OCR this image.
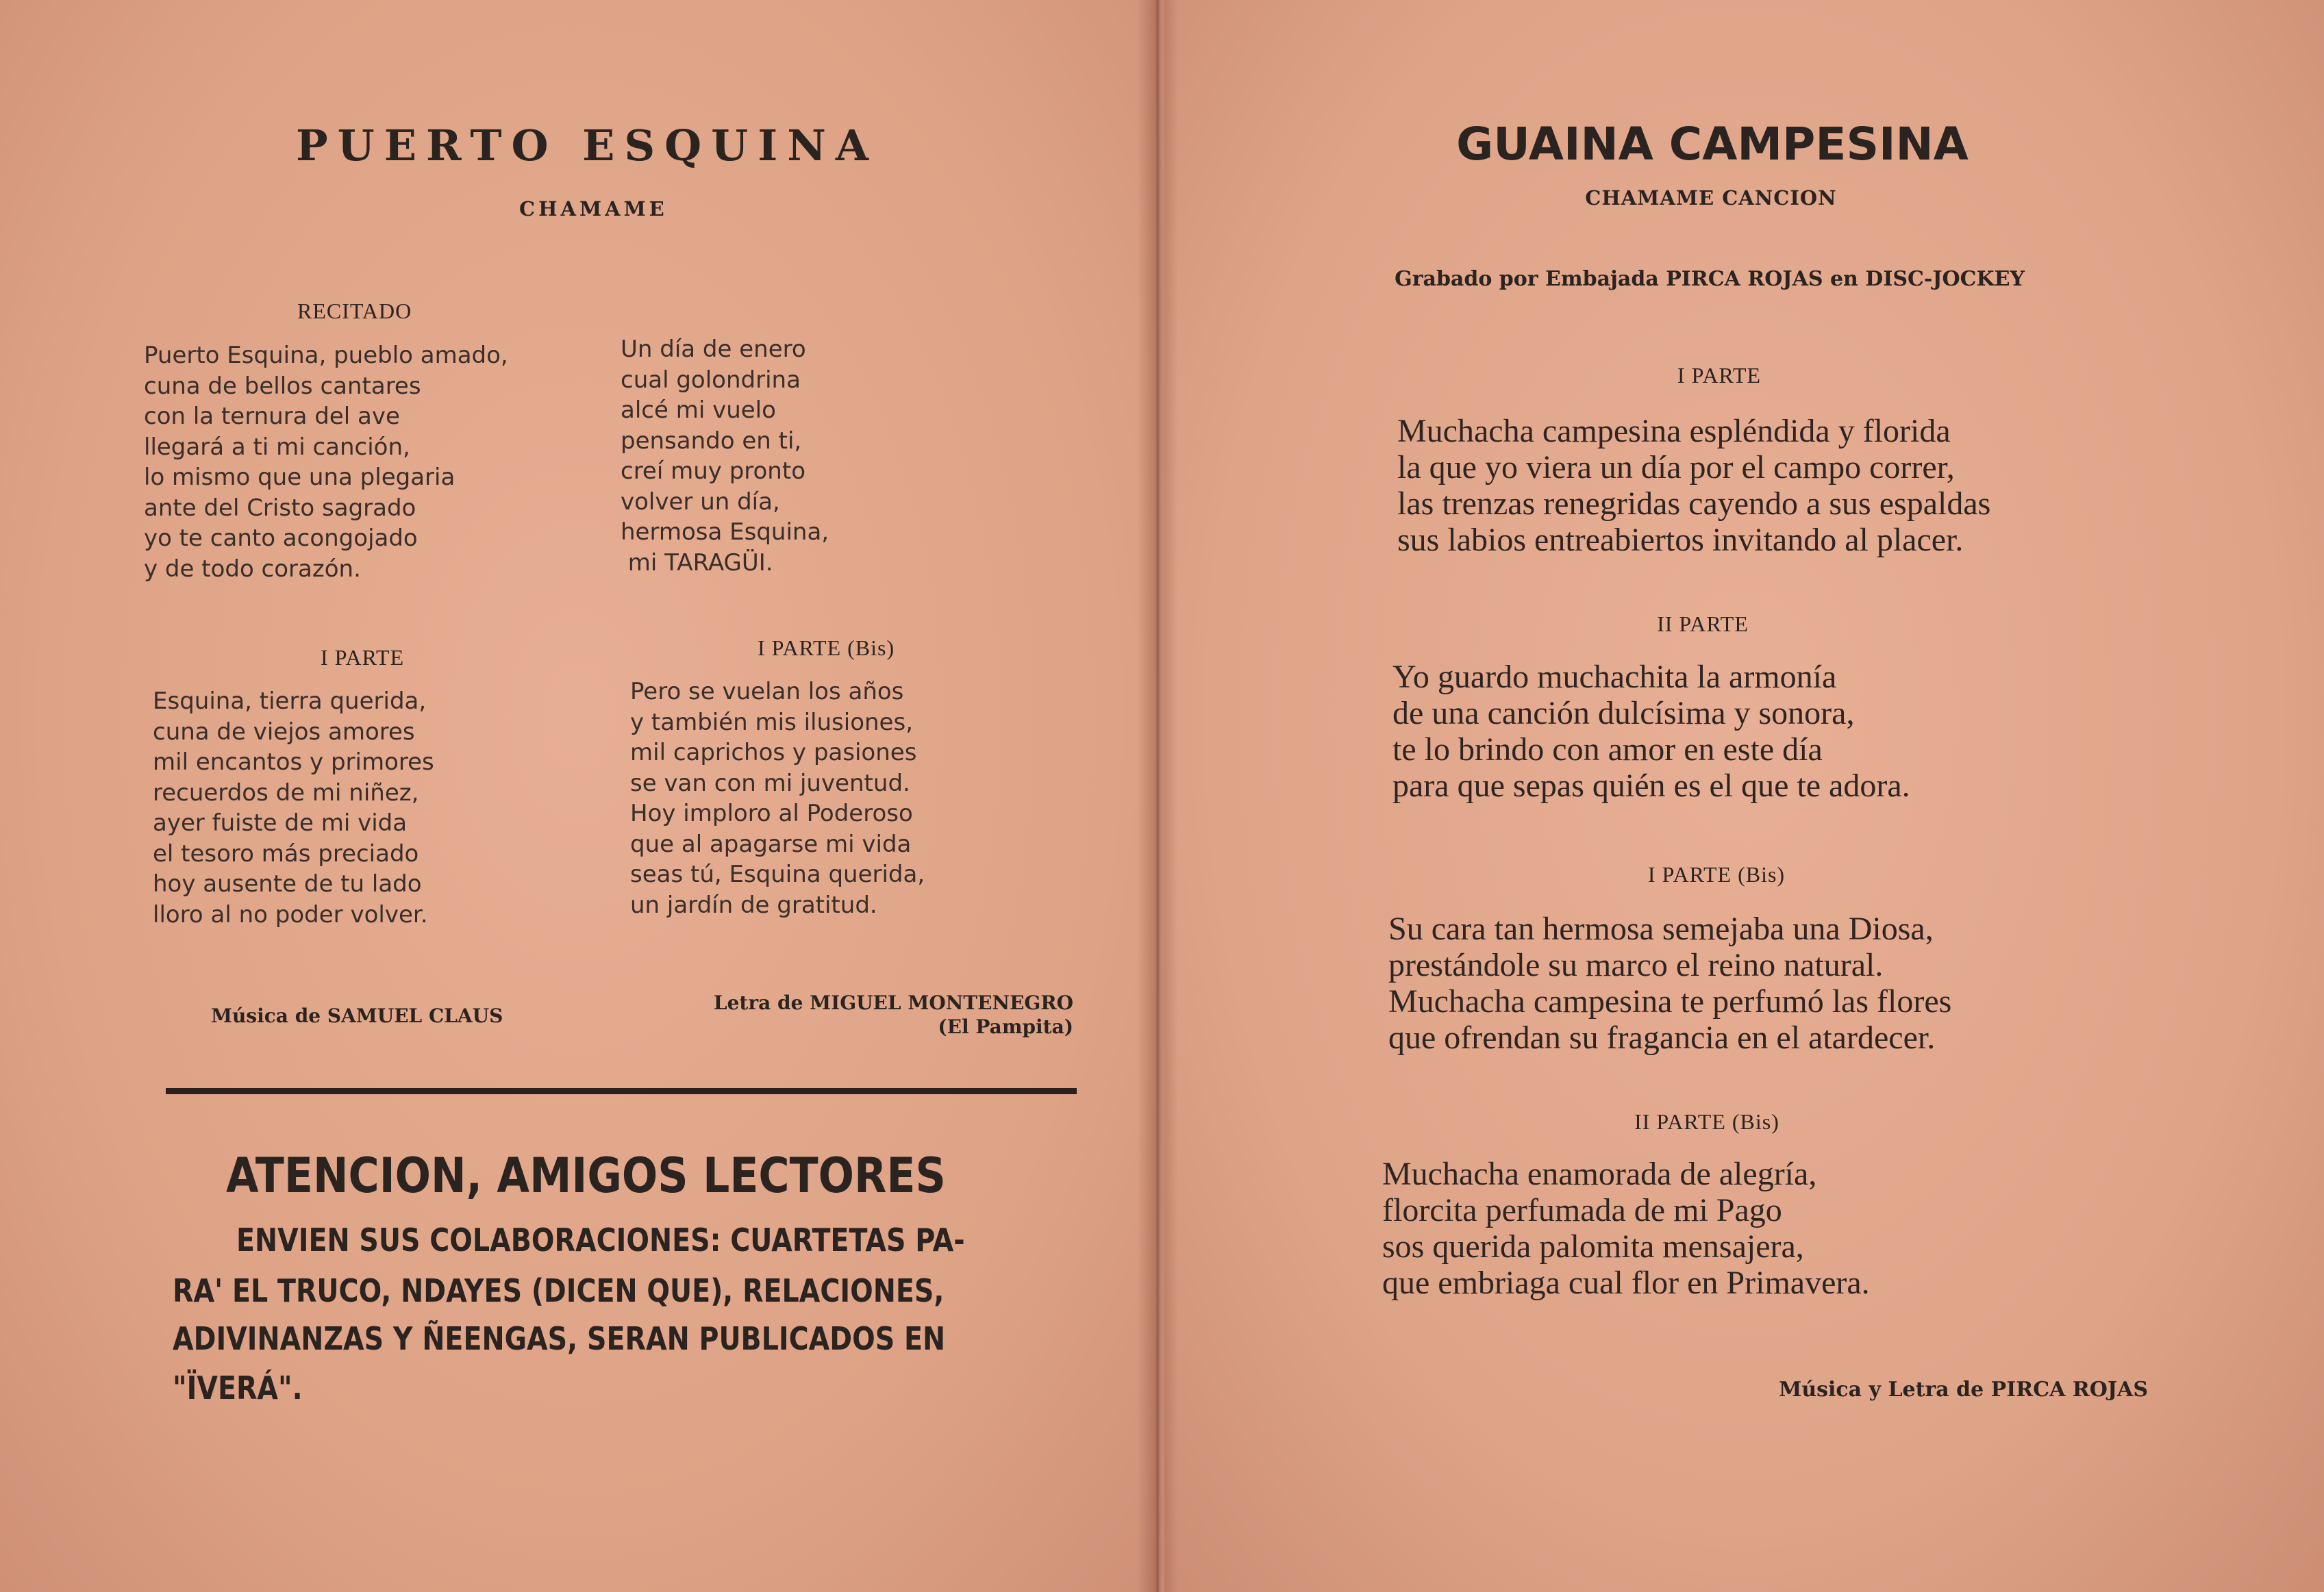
PUERTO ESQUINA
CHAMAME
RECITADO
Puerto Esquina, pueblo amado,
cuna de bellos cantares
con la ternura del ave
llegará a ti mi canción,
lo mismo que una plegaria
ante del Cristo sagrado
yo te canto acongojado
y de todo corazón.
Un día de enero
cual golondrina
alcé mi vuelo
pensando en ti,
creí muy pronto
volver un día,
hermosa Esquina,
mi TARAGÜI.
I PARTE
Esquina, tierra querida,
cuna de viejos amores
mil encantos y primores
recuerdos de mi niñez,
ayer fuiste de mi vida
el tesoro más preciado
hoy ausente de tu lado
lloro al no poder volver.
I PARTE (Bis)
Pero se vuelan los años
y también mis ilusiones,
mil caprichos y pasiones
se van con mi juventud.
Hoy imploro al Poderoso
que al apagarse mi vida
seas tú, Esquina querida,
un jardín de gratitud.
Música de SAMUEL CLAUS
Letra de MIGUEL MONTENEGRO
(El Pampita)
ATENCION, AMIGOS LECTORES
ENVIEN SUS COLABORACIONES: CUARTETAS PA-
RA' EL TRUCO, NDAYES (DICEN QUE), RELACIONES,
ADIVINANZAS Y ÑEENGAS, SERAN PUBLICADOS EN
"ÏVERÁ".
GUAINA CAMPESINA
CHAMAME CANCION
Grabado por Embajada PIRCA ROJAS en DISC-JOCKEY
I PARTE
Muchacha campesina espléndida y florida
la que yo viera un día por el campo correr,
las trenzas renegridas cayendo a sus espaldas
sus labios entreabiertos invitando al placer.
II PARTE
Yo guardo muchachita la armonía
de una canción dulcísima y sonora,
te lo brindo con amor en este día
para que sepas quién es el que te adora.
I PARTE (Bis)
Su cara tan hermosa semejaba una Diosa,
prestándole su marco el reino natural.
Muchacha campesina te perfumó las flores
que ofrendan su fragancia en el atardecer.
II PARTE (Bis)
Muchacha enamorada de alegría,
florcita perfumada de mi Pago
sos querida palomita mensajera,
que embriaga cual flor en Primavera.
Música y Letra de PIRCA ROJAS
